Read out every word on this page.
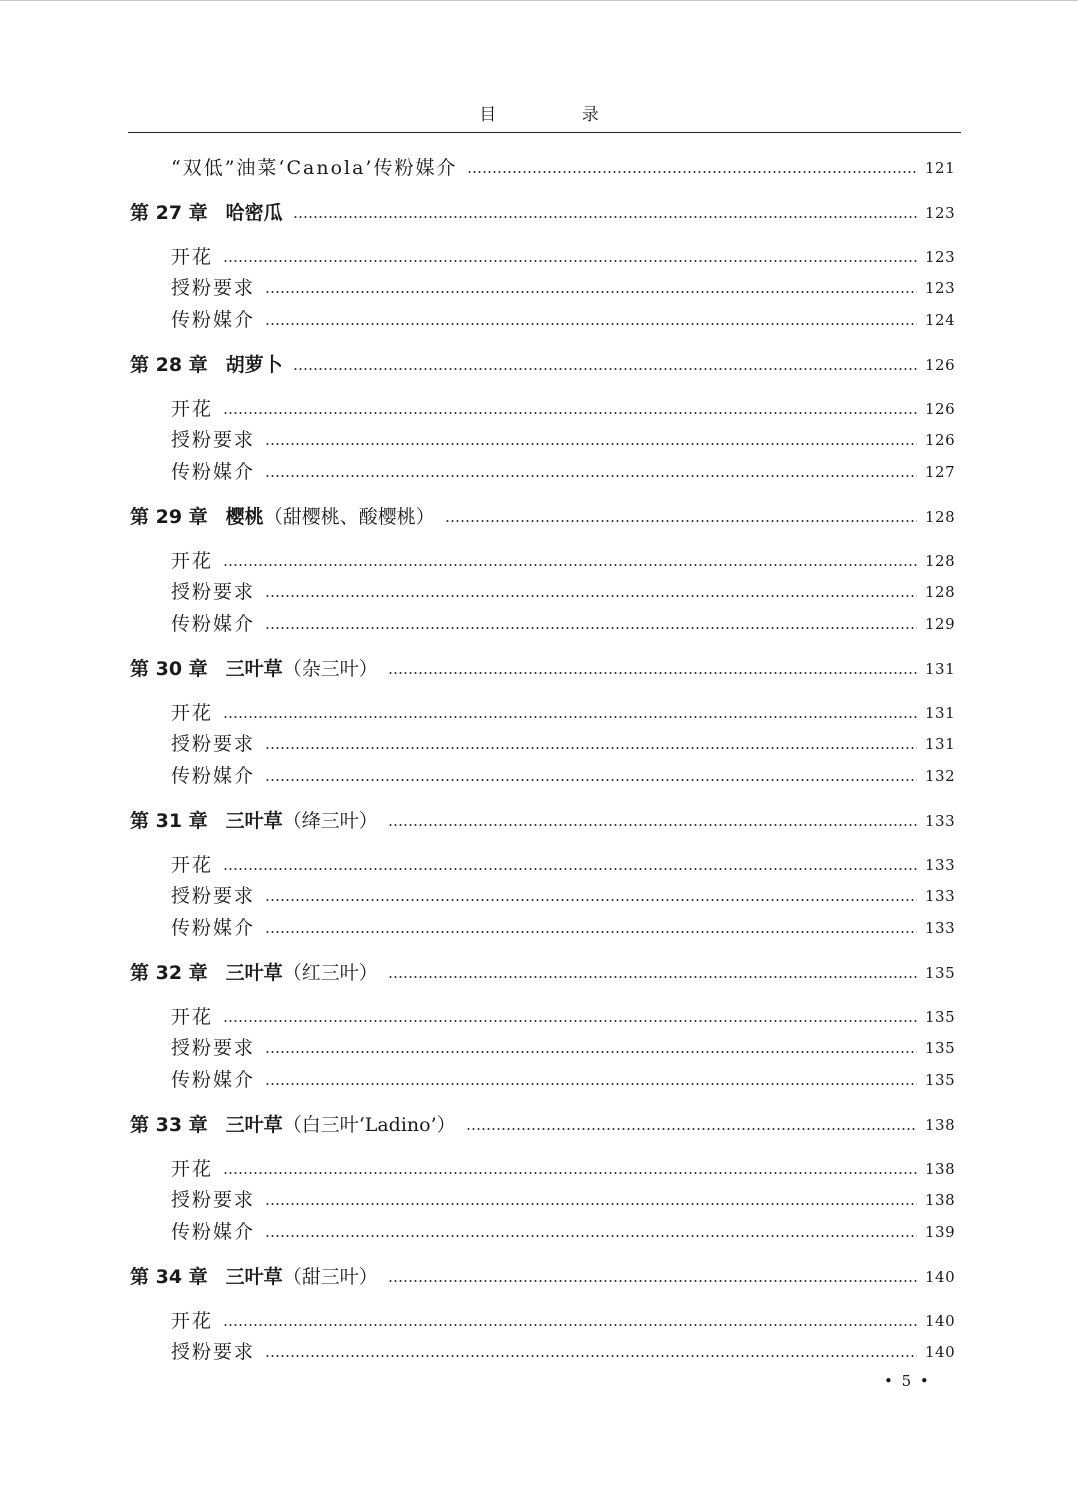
目 录
“双低”油菜‘Canola’传粉媒介	121
第 27 章 哈密瓜	123
开花	123
授粉要求	123
传粉媒介	124
第 28 章 胡萝卜	126
开花	126
授粉要求	126
传粉媒介	127
第 29 章 樱桃（甜樱桃、酸樱桃）	128
开花	128
授粉要求	128
传粉媒介	129
第 30 章 三叶草（杂三叶）	131
开花	131
授粉要求	131
传粉媒介	132
第 31 章 三叶草（绛三叶）	133
开花	133
授粉要求	133
传粉媒介	133
第 32 章 三叶草（红三叶）	135
开花	135
授粉要求	135
传粉媒介	135
第 33 章 三叶草（白三叶‘Ladino’）	138
开花	138
授粉要求	138
传粉媒介	139
第 34 章 三叶草（甜三叶）	140
开花	140
授粉要求	140
• 5 •
